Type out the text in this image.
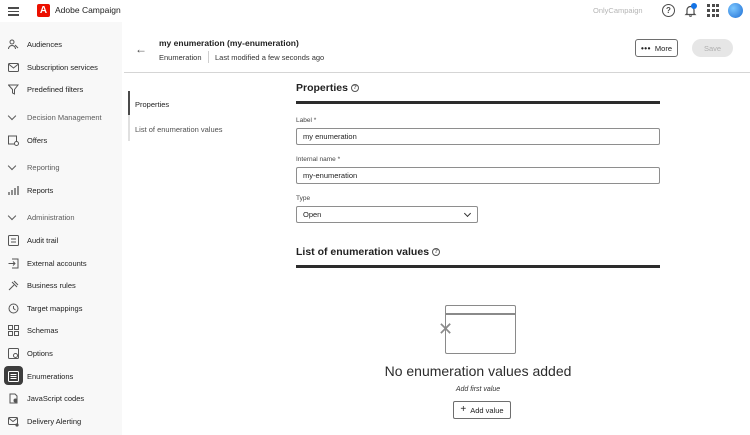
A Adobe Campaign	OnlyCampaign	?
Audiences
Subscription services
Predefined filters
Decision Management
Offers
Reporting
Reports
Administration
Audit trail
External accounts
Business rules
Target mappings
Schemas
Options
Enumerations
JavaScript codes
Delivery Alerting
← my enumeration (my-enumeration)
Enumeration Last modified a few seconds ago
••• More	Save
Properties
List of enumeration values
Properties ?
Label *
my enumeration
Internal name *
my-enumeration
Type
Open
List of enumeration values ?
✕
No enumeration values added
Add first value
+ Add value
